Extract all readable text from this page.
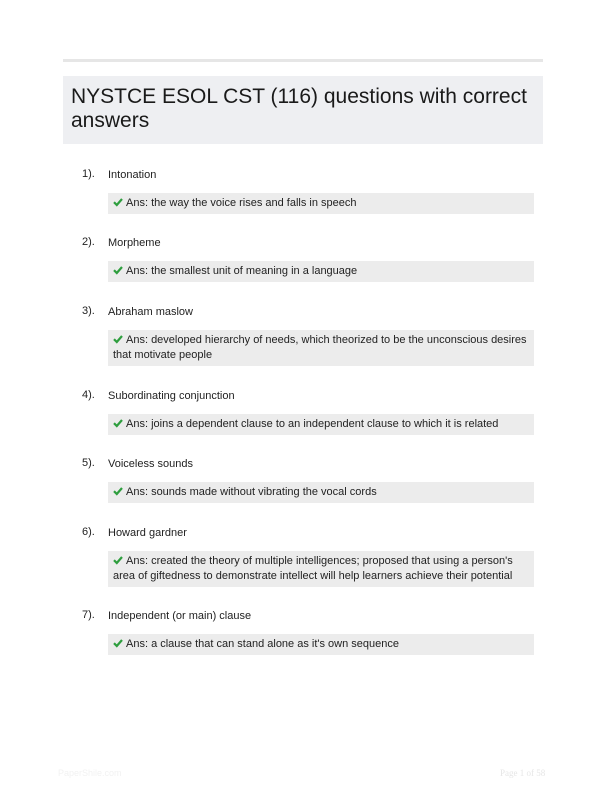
NYSTCE ESOL CST (116) questions with correct answers
1). Intonation
Ans: the way the voice rises and falls in speech
2). Morpheme
Ans: the smallest unit of meaning in a language
3). Abraham maslow
Ans: developed hierarchy of needs, which theorized to be the unconscious desires that motivate people
4). Subordinating conjunction
Ans: joins a dependent clause to an independent clause to which it is related
5). Voiceless sounds
Ans: sounds made without vibrating the vocal cords
6). Howard gardner
Ans: created the theory of multiple intelligences; proposed that using a person's area of giftedness to demonstrate intellect will help learners achieve their potential
7). Independent (or main) clause
Ans: a clause that can stand alone as it's own sequence
PaperShile.com	Page 1 of 58
